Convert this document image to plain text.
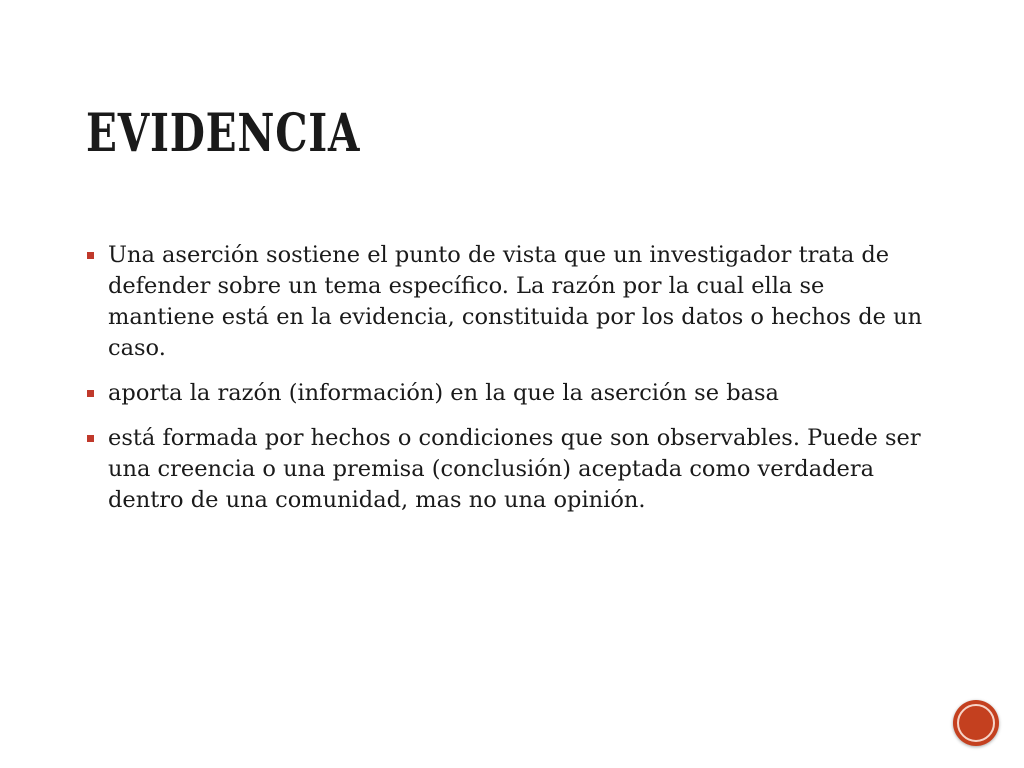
EVIDENCIA
Una aserción sostiene el punto de vista que un investigador trata de defender sobre un tema específico. La razón por la cual ella se mantiene está en la evidencia, constituida por los datos o hechos de un caso.
aporta la razón (información) en la que la aserción se basa
está formada por hechos o condiciones que son observables. Puede ser una creencia o una premisa (conclusión) aceptada como verdadera dentro de una comunidad, mas no una opinión.
